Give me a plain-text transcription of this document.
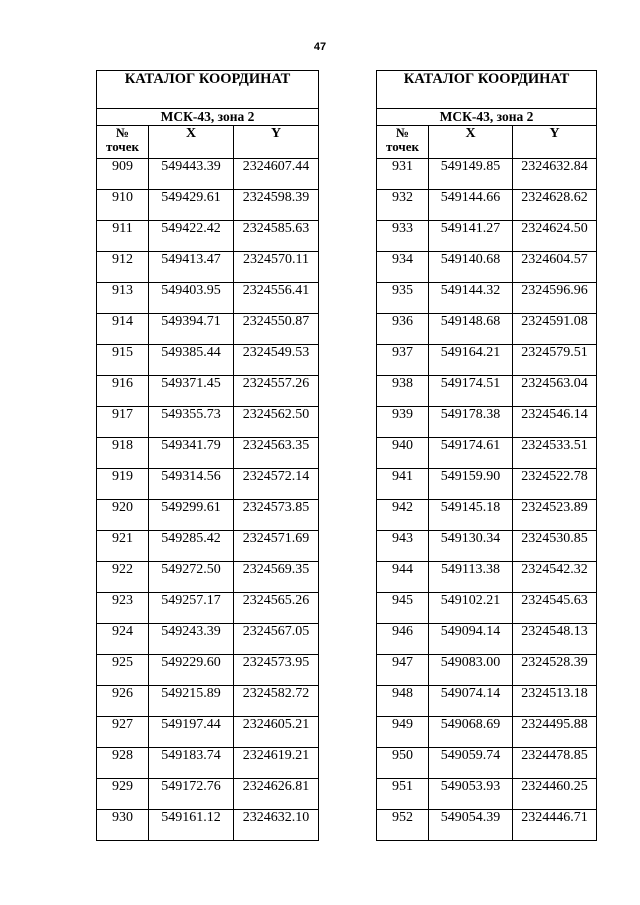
47
КАТАЛОГ КООРДИНАТ		
МСК-43, зона 2		
№
точек	X	Y
909	549443.39	2324607.44
910	549429.61	2324598.39
911	549422.42	2324585.63
912	549413.47	2324570.11
913	549403.95	2324556.41
914	549394.71	2324550.87
915	549385.44	2324549.53
916	549371.45	2324557.26
917	549355.73	2324562.50
918	549341.79	2324563.35
919	549314.56	2324572.14
920	549299.61	2324573.85
921	549285.42	2324571.69
922	549272.50	2324569.35
923	549257.17	2324565.26
924	549243.39	2324567.05
925	549229.60	2324573.95
926	549215.89	2324582.72
927	549197.44	2324605.21
928	549183.74	2324619.21
929	549172.76	2324626.81
930	549161.12	2324632.10
КАТАЛОГ КООРДИНАТ		
МСК-43, зона 2		
№
точек	X	Y
931	549149.85	2324632.84
932	549144.66	2324628.62
933	549141.27	2324624.50
934	549140.68	2324604.57
935	549144.32	2324596.96
936	549148.68	2324591.08
937	549164.21	2324579.51
938	549174.51	2324563.04
939	549178.38	2324546.14
940	549174.61	2324533.51
941	549159.90	2324522.78
942	549145.18	2324523.89
943	549130.34	2324530.85
944	549113.38	2324542.32
945	549102.21	2324545.63
946	549094.14	2324548.13
947	549083.00	2324528.39
948	549074.14	2324513.18
949	549068.69	2324495.88
950	549059.74	2324478.85
951	549053.93	2324460.25
952	549054.39	2324446.71
